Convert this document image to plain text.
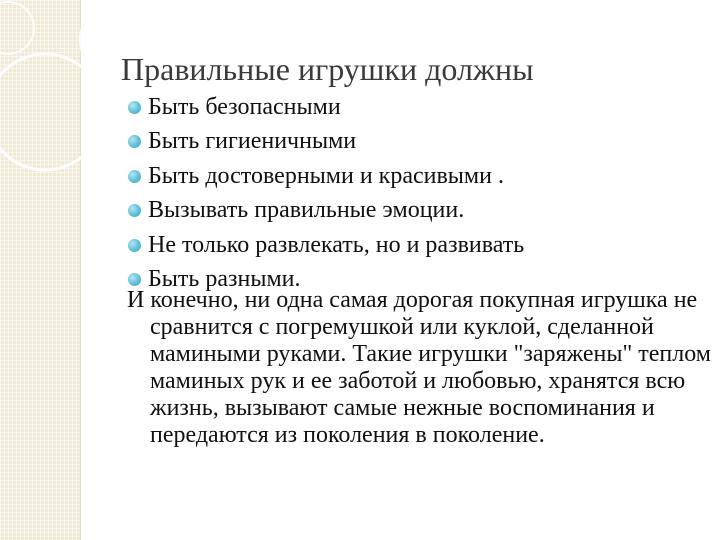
Правильные игрушки должны
Быть безопасными
Быть гигиеничными
Быть достоверными и красивыми .
Вызывать правильные эмоции.
Не только развлекать, но и развивать
Быть разными.

И конечно, ни одна самая дорогая покупная игрушка не сравнится с погремушкой или куклой, сделанной мамиными руками. Такие игрушки "заряжены" теплом маминых рук и ее заботой и любовью, хранятся всю жизнь, вызывают самые нежные воспоминания и передаются из поколения в поколение.
